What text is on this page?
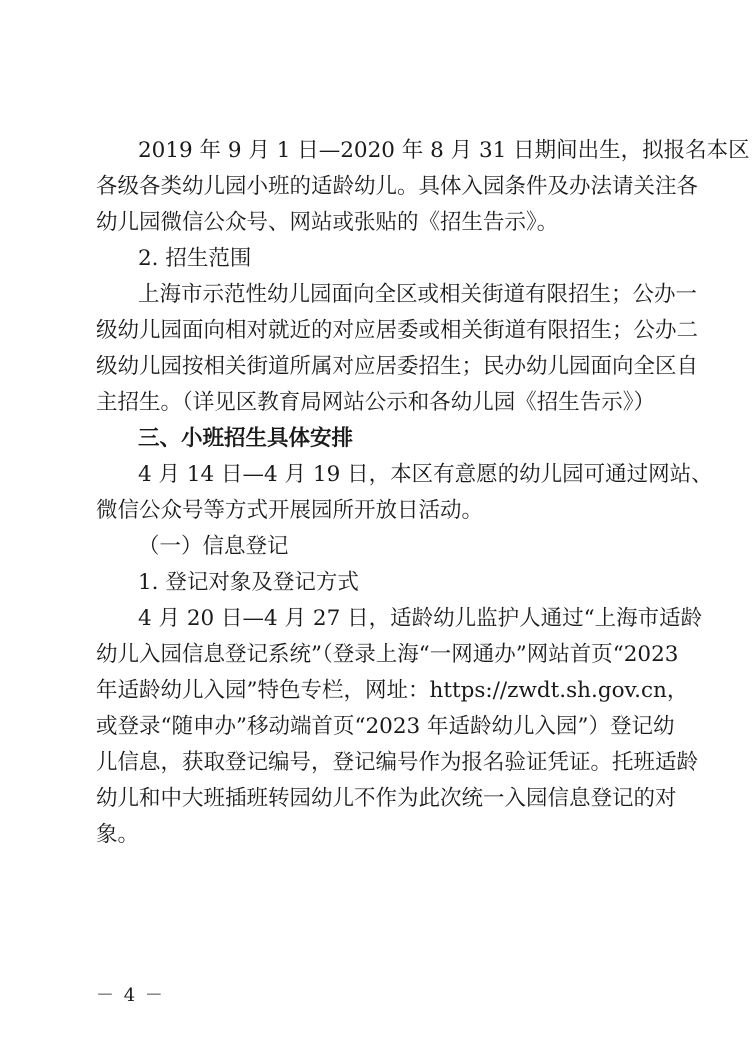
2019 年 9 月 1 日—2020 年 8 月 31 日期间出生，拟报名本区

各级各类幼儿园小班的适龄幼儿。具体入园条件及办法请关注各

幼儿园微信公众号、网站或张贴的《招生告示》。

2. 招生范围

上海市示范性幼儿园面向全区或相关街道有限招生；公办一

级幼儿园面向相对就近的对应居委或相关街道有限招生；公办二

级幼儿园按相关街道所属对应居委招生；民办幼儿园面向全区自

主招生。（详见区教育局网站公示和各幼儿园《招生告示》）

三、小班招生具体安排

4 月 14 日—4 月 19 日，本区有意愿的幼儿园可通过网站、

微信公众号等方式开展园所开放日活动。

（一）信息登记

1. 登记对象及登记方式

4 月 20 日—4 月 27 日，适龄幼儿监护人通过“上海市适龄

幼儿入园信息登记系统”（登录上海“一网通办”网站首页“2023

年适龄幼儿入园”特色专栏，网址：https://zwdt.sh.gov.cn，

或登录“随申办”移动端首页“2023 年适龄幼儿入园”）登记幼

儿信息，获取登记编号，登记编号作为报名验证凭证。托班适龄

幼儿和中大班插班转园幼儿不作为此次统一入园信息登记的对

象。

－ 4 －
